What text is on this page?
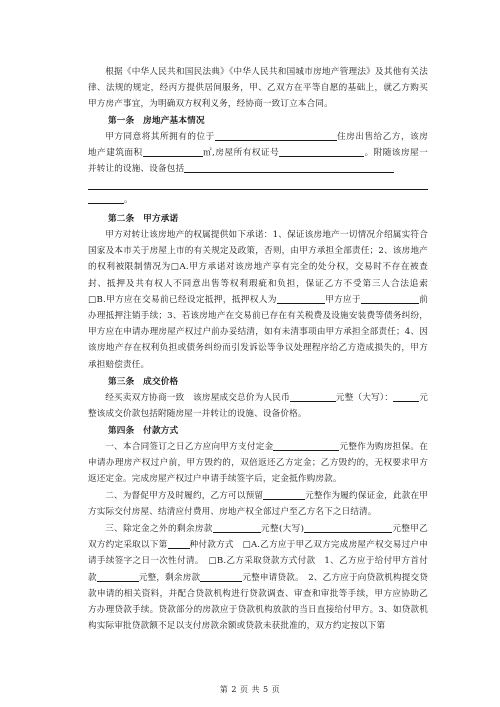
根据《中华人民共和国民法典》《中华人民共和国城市房地产管理法》及其他有关法律、法规的规定，经丙方提供居间服务，甲、乙双方在平等自愿的基础上，就乙方购买甲方房产事宜，为明确双方权利义务，经协商一致订立本合同。

第一条　房地产基本情况

甲方同意将其所拥有的位于	住房出售给乙方，该房地产建筑面积	㎡,房屋所有权证号	。附随该房屋一并转让的设施、设备包括

。
第二条　甲方承诺

甲方对转让该房地产的权属提供如下承诺：1、保证该房地产一切情况介绍属实符合国家及本市关于房屋上市的有关规定及政策，否则，由甲方承担全部责任；2、该房地产的权利被限制情况为□A.甲方承诺对该房地产享有完全的处分权，交易时不存在被查封、抵押及共有权人不同意出售等权利瑕疵和负担，保证乙方不受第三人合法追索　□B.甲方应在交易前已经设定抵押，抵押权人为	甲方应于	前办理抵押注销手续；3、若该房地产在交易前已存在有关税费及设施安装费等债务纠纷，甲方应在申请办理房屋产权过户前办妥结清，如有未清事项由甲方承担全部责任；4、因该房地产存在权利负担或债务纠纷而引发诉讼等争议处理程序给乙方造成损失的，甲方承担赔偿责任。

第三条　成交价格

经买卖双方协商一致　该房屋成交总价为人民币	元整（大写）：	元整该成交价款包括附随房屋一并转让的设施、设备价格。

第四条　付款方式

一、本合同签订之日乙方应向甲方支付定金	元整作为购房担保。在申请办理房产权过户前，甲方毁约的，双倍返还乙方定金；乙方毁约的，无权要求甲方返还定金。完成房屋产权过户申请手续签字后，定金抵作购房款。

二、为督促甲方及时履约，乙方可以预留	元整作为履约保证金，此款在甲方实际交付房屋、结清应付费用、房地产权全部过户至乙方名下之日结清。

三、除定金之外的剩余房款	元整(大写)	元整甲乙双方约定采取以下第	种付款方式　□A.乙方应于甲乙双方完成房屋产权交易过户申请手续签字之日一次性付清。　□B.乙方采取贷款方式付款　1、乙方应于给付甲方首付款	元整，剩余房款	元整申请贷款。　2、乙方应于向贷款机构提交贷款申请的相关资料，并配合贷款机构进行贷款调查、审查和审批等手续，甲方应协助乙方办理贷款手续。贷款部分的房款应于贷款机构放款的当日直接给付甲方。3、如贷款机构实际审批贷款额不足以支付房款余额或贷款未获批准的，双方约定按以下第

第 2 页 共 5 页
